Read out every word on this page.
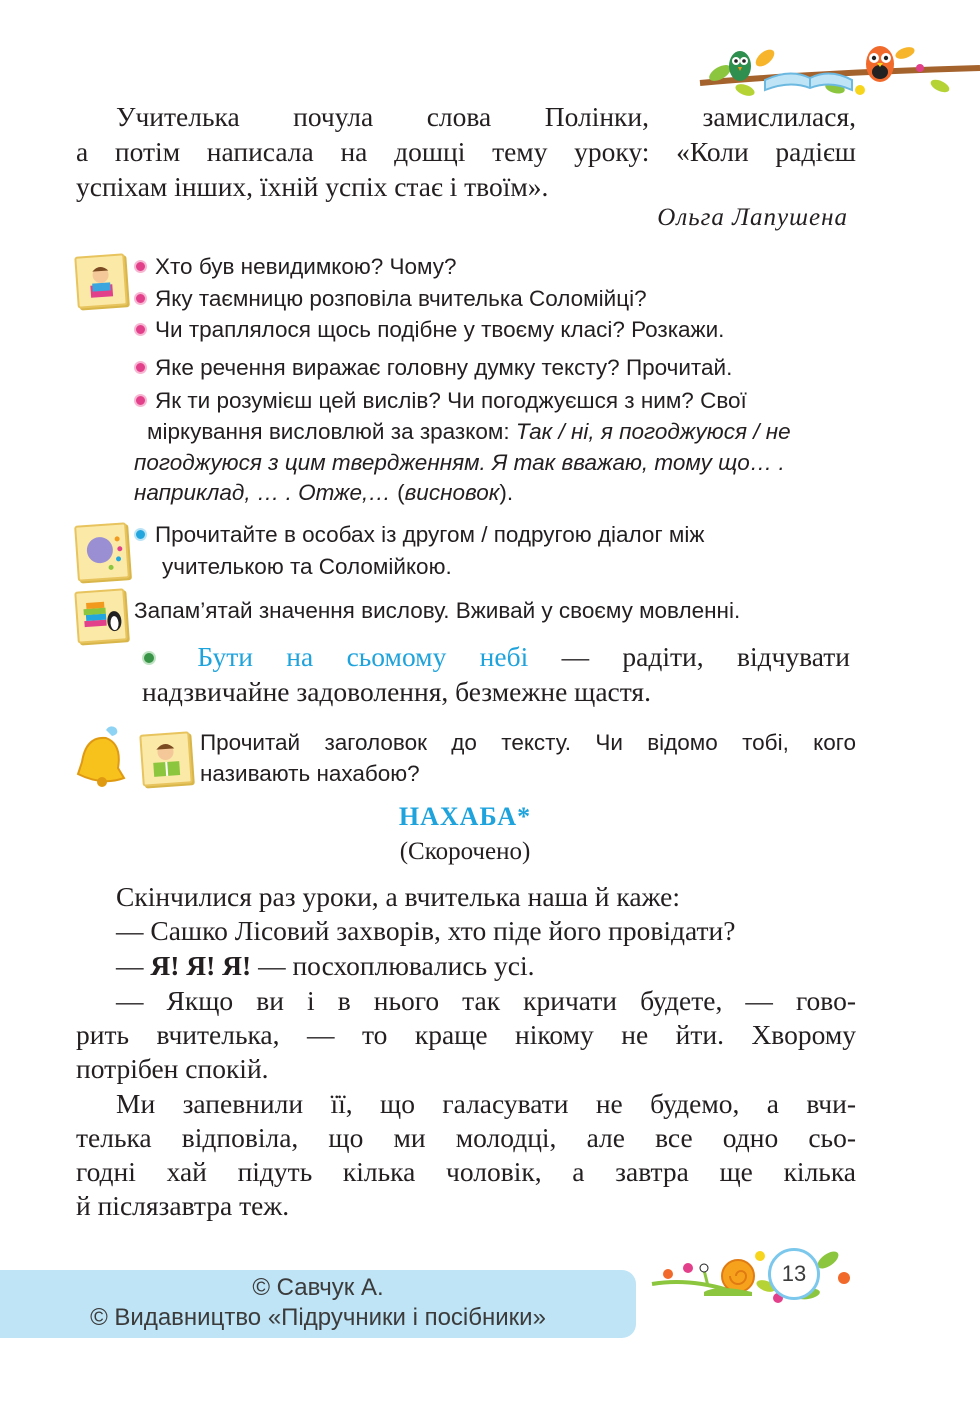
Учителька почула слова Полінки, замислилася,
а потім написала на дошці тему уроку: «Коли радієш
успіхам інших, їхній успіх стає і твоїм».
Ольга Лапушена
Хто був невидимкою? Чому?
Яку таємницю розповіла вчителька Соломійці?
Чи траплялося щось подібне у твоєму класі? Розкажи.
Яке речення виражає головну думку тексту? Прочитай.
Як ти розумієш цей вислів? Чи погоджуєшся з ним? Свої
міркування висловлюй за зразком: Так / ні, я погоджуюся / не
погоджуюся з цим твердженням. Я так вважаю, тому що… .
наприклад, … . Отже,… (висновок).
Прочитайте в особах із другом / подругою діалог між
учителькою та Соломійкою.
Запам’ятай значення вислову. Вживай у своєму мовленні.
Бути на сьомому небі — радіти, відчувати
надзвичайне задоволення, безмежне щастя.
Прочитай заголовок до тексту. Чи відомо тобі, кого
називають нахабою?
НАХАБА*
(Скорочено)
Скінчилися раз уроки, а вчителька наша й каже:
— Сашко Лісовий захворів, хто піде його провідати?
— Я! Я! Я! — посхоплювались усі.
— Якщо ви і в нього так кричати будете, — гово-
рить вчителька, — то краще нікому не йти. Хворому
потрібен спокій.
Ми запевнили її, що галасувати не будемо, а вчи-
телька відповіла, що ми молодці, але все одно сьо-
годні хай підуть кілька чоловік, а завтра ще кілька
й післязавтра теж.
© Савчук А.
© Видавництво «Підручники і посібники»
13
